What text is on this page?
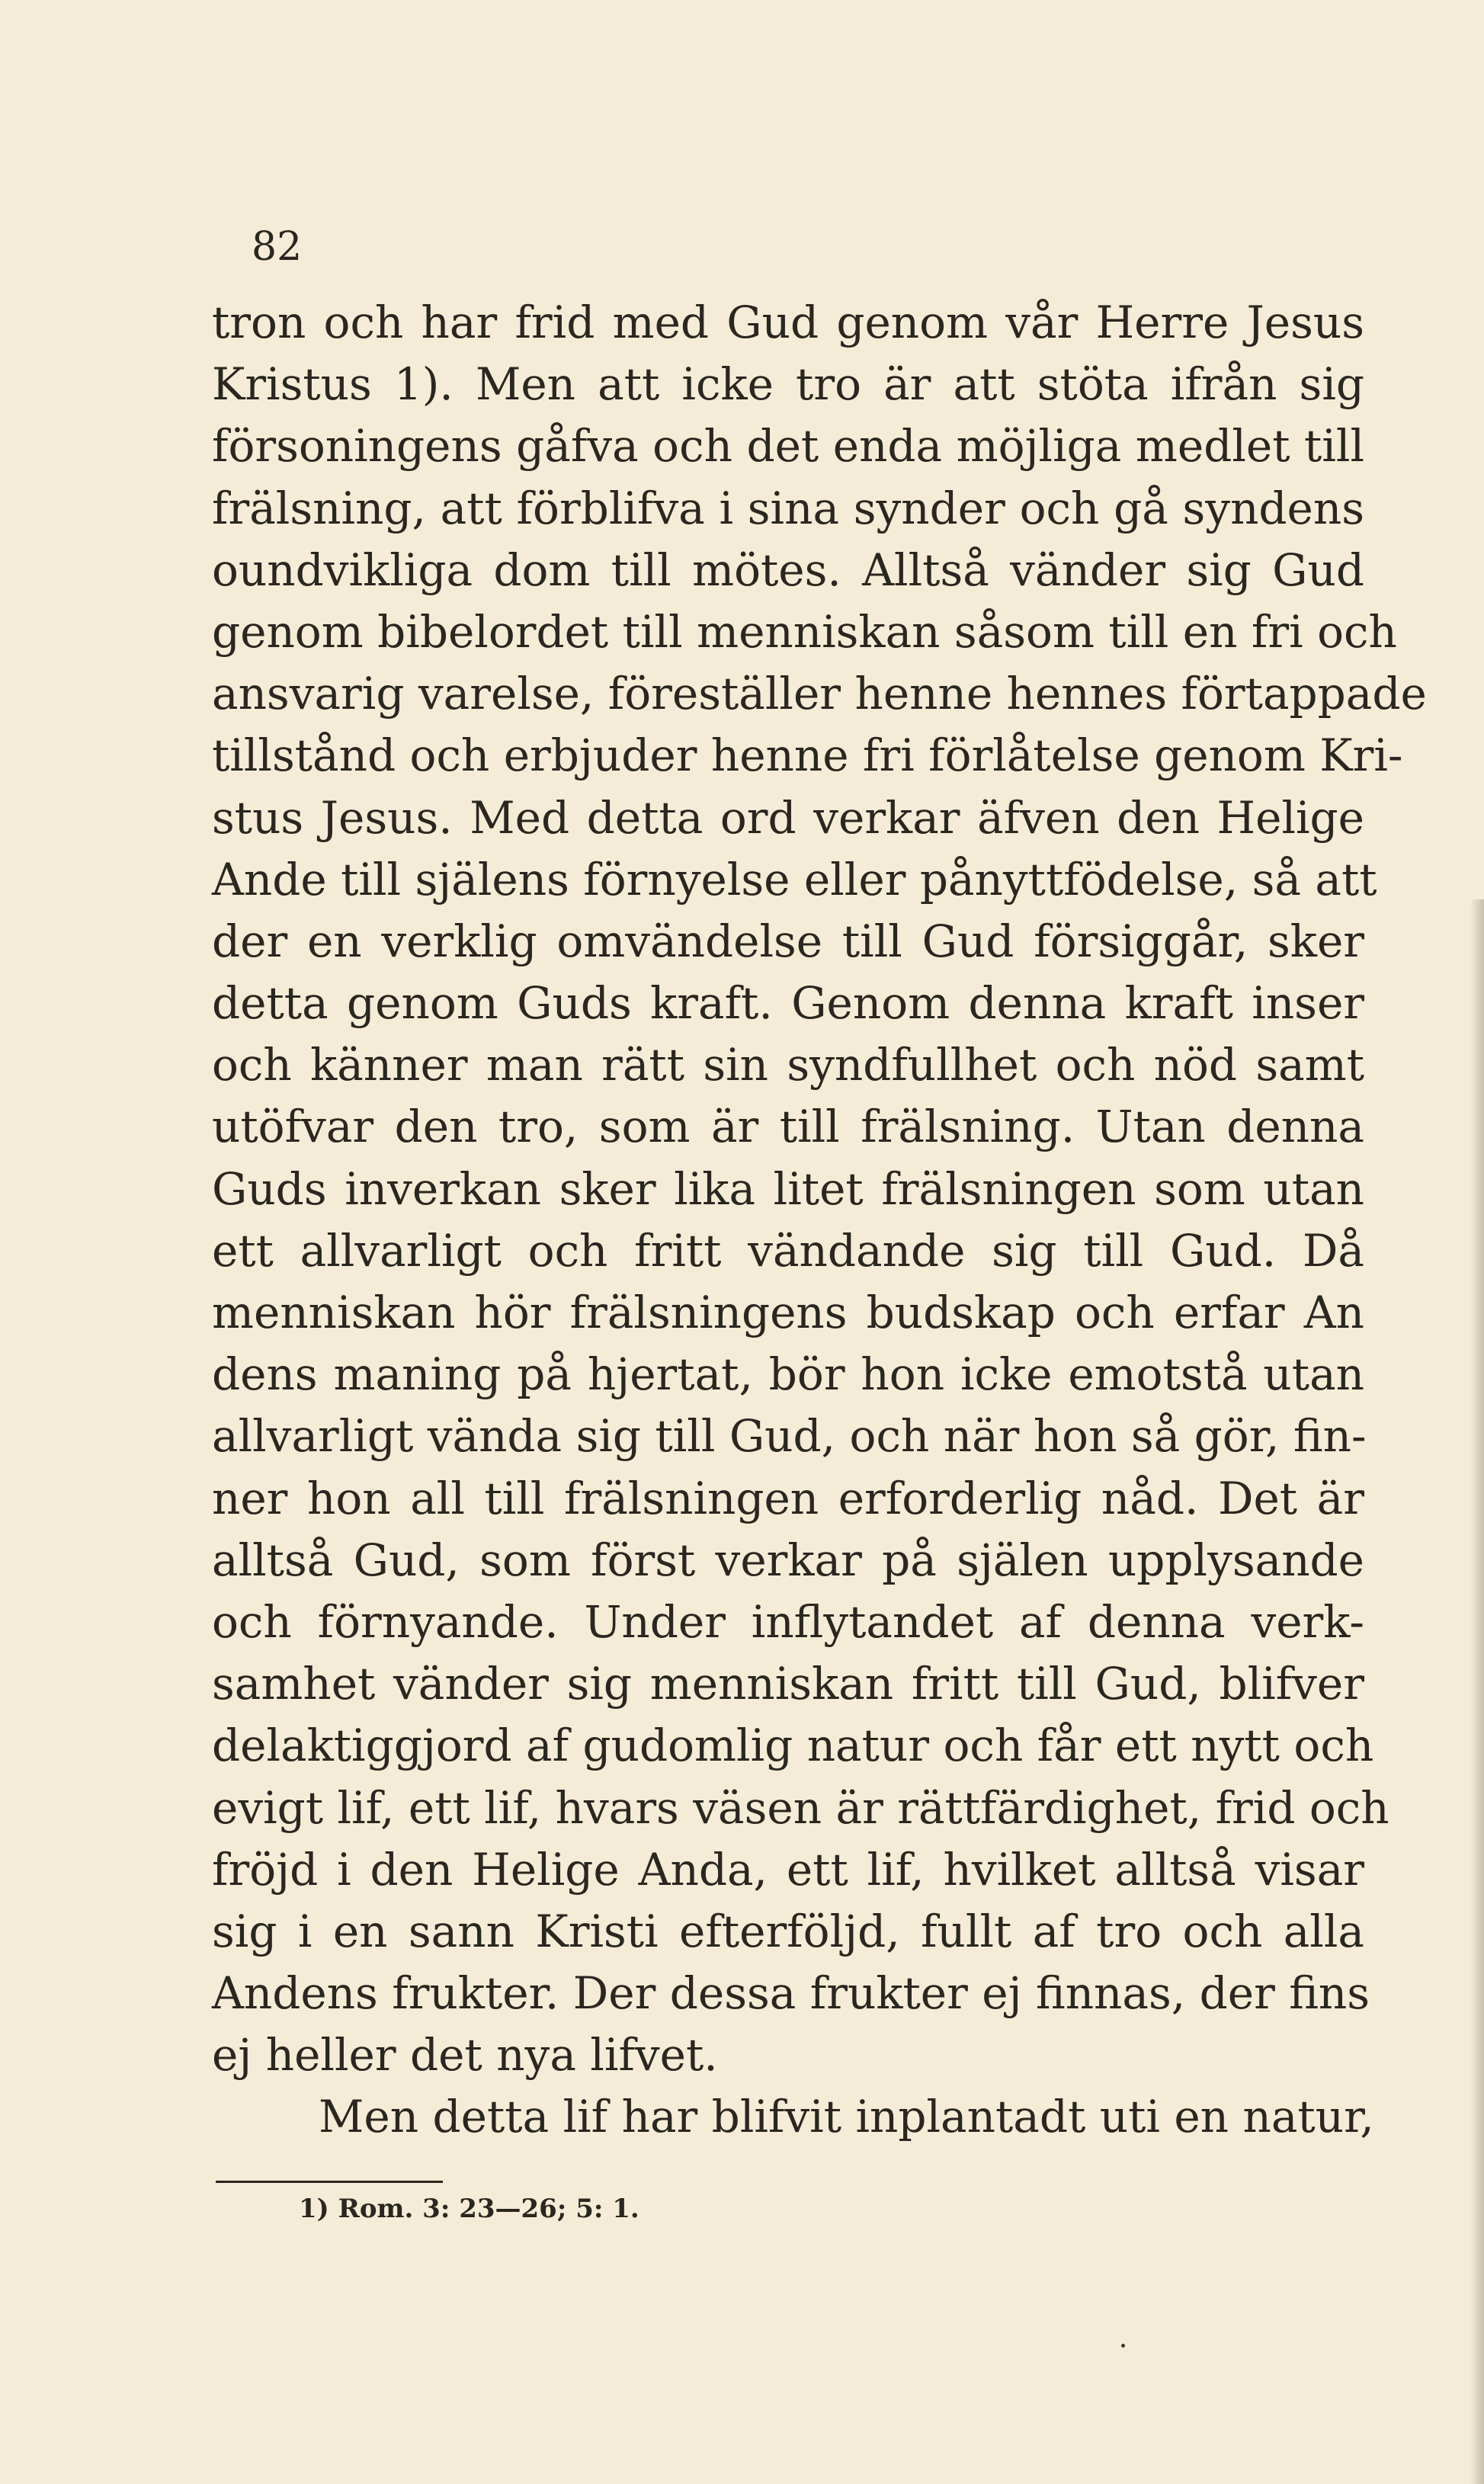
82
tron och har frid med Gud genom vår Herre Jesus
Kristus 1). Men att icke tro är att stöta ifrån sig
försoningens gåfva och det enda möjliga medlet till
frälsning, att förblifva i sina synder och gå syndens
oundvikliga dom till mötes. Alltså vänder sig Gud
genom bibelordet till menniskan såsom till en fri och
ansvarig varelse, föreställer henne hennes förtappade
tillstånd och erbjuder henne fri förlåtelse genom Kri-
stus Jesus. Med detta ord verkar äfven den Helige
Ande till själens förnyelse eller pånyttfödelse, så att
der en verklig omvändelse till Gud försiggår, sker
detta genom Guds kraft. Genom denna kraft inser
och känner man rätt sin syndfullhet och nöd samt
utöfvar den tro, som är till frälsning. Utan denna
Guds inverkan sker lika litet frälsningen som utan
ett allvarligt och fritt vändande sig till Gud. Då
menniskan hör frälsningens budskap och erfar An
dens maning på hjertat, bör hon icke emotstå utan
allvarligt vända sig till Gud, och när hon så gör, fin-
ner hon all till frälsningen erforderlig nåd. Det är
alltså Gud, som först verkar på själen upplysande
och förnyande. Under inflytandet af denna verk-
samhet vänder sig menniskan fritt till Gud, blifver
delaktiggjord af gudomlig natur och får ett nytt och
evigt lif, ett lif, hvars väsen är rättfärdighet, frid och
fröjd i den Helige Anda, ett lif, hvilket alltså visar
sig i en sann Kristi efterföljd, fullt af tro och alla
Andens frukter. Der dessa frukter ej finnas, der fins
ej heller det nya lifvet.
Men detta lif har blifvit inplantadt uti en natur,
1) Rom. 3: 23—26; 5: 1.
